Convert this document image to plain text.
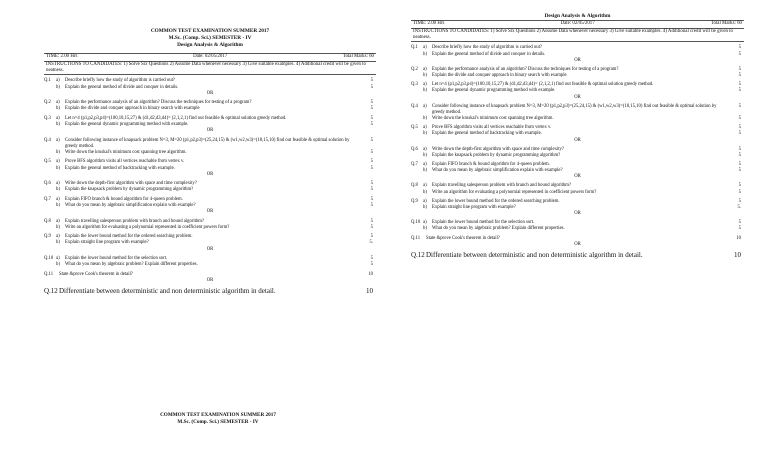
COMMON TEST EXAMINATION SUMMER 2017
M.Sc. (Comp. Sci.) SEMESTER - IV
Design Analysis & Algorithm
TIME: 2.00 Hrs	Date: 02/05/2017	Total Marks: 60
INSTRUCTIONS TO CANDIDATES: 1) Solve Six Questions 2) Assume Data whenever necessary 3) Give suitable examples. 4) Additional credit will be given to neatness.
Q.1	a)	Describe briefly how the study of algorithm is carried out?	5
b)	Explain the general method of divide and conquer in details.	5
OR
Q.2	a)	Explain the performance analysis of an algorithm? Discuss the techniques for testing of a program?	5
b)	Explain the divide and conquer approach in binary search with example	5
Q.3	a)	Let n=4 (p1,p2,p3,p4)=(100,10,15,27) & (d1,d2,d3,d4)= (2,1,2,1) find out feasible & optimal solution greedy method.	5
b)	Explain the general dynamic programming method with example.	5
OR
Q.4	a)	Consider following instance of knapsack problem N=3, M=20 (p1,p2,p3)=(25,24,15) & (w1,w2,w3)=(18,15,10) find out feasible & optimal solution by greedy method.
5
b)	Write down the kruskal's minimum cost spanning tree algorithm.	5
Q.5	a)	Prove BFS algorithm visits all vertices reachable from vertex v.	5
b)	Explain the general method of backtracking with example.	5
OR
Q.6	a)	Write down the depth-first algorithm with space and time complexity?	5
b)	Explain the knapsack problem by dynamic programming algorithm?	5
Q.7	a)	Explain FIFO branch & bound algorithm for 4-queen problem.	5
b)	What do you mean by algebraic simplification explain with example?	5
OR
Q.8	a)	Explain travelling salesperson problem with branch and bound algorithm?	5
b)	Write an algorithm for evaluating a polynomial represented in coefficient powers form?	5
Q.9	a)	Explain the lower bound method for the ordered searching problem.	5
b)	Explain straight line program with example?	5.
OR
Q.10 a)	Explain the lower bound method for the selection sort.	5
b)	What do you mean by algebraic problem? Explain different properties.	5
Q.11	State &prove Cook's theorem in detail?	10
OR
Q.12 Differentiate between deterministic and non deterministic algorithm in detail.	10
COMMON TEST EXAMINATION SUMMER 2017
M.Sc. (Comp. Sci.) SEMESTER - IV
Design Analysis & Algorithm
TIME: 2.00 Hrs	Date: 02/05/2017	Total Marks: 60
INSTRUCTIONS TO CANDIDATES: 1) Solve Six Questions 2) Assume Data whenever necessary 3) Give suitable examples. 4) Additional credit will be given to neatness.
Q.1	a)	Describe briefly how the study of algorithm is carried out?	5
b)	Explain the general method of divide and conquer in details.	5
OR
Q.2	a)	Explain the performance analysis of an algorithm? Discuss the techniques for testing of a program?	5
b)	Explain the divide and conquer approach in binary search with example	5
Q.3	a)	Let n=4 (p1,p2,p3,p4)=(100,10,15,27) & (d1,d2,d3,d4)= (2,1,2,1) find out feasible & optimal solution greedy method.	5
b)	Explain the general dynamic programming method with example.	5
OR
Q.4	a)	Consider following instance of knapsack problem N=3, M=20 (p1,p2,p3)=(25,24,15) & (w1,w2,w3)=(18,15,10) find out feasible & optimal solution by greedy method.
5
b)	Write down the kruskal's minimum cost spanning tree algorithm.	5
Q.5	a)	Prove BFS algorithm visits all vertices reachable from vertex v.	5
b)	Explain the general method of backtracking with example.	5
OR
Q.6	a)	Write down the depth-first algorithm with space and time complexity?	5
b)	Explain the knapsack problem by dynamic programming algorithm?	5
Q.7	a)	Explain FIFO branch & bound algorithm for 4-queen problem.	5
b)	What do you mean by algebraic simplification explain with example?	5
OR
Q.8	a)	Explain travelling salesperson problem with branch and bound algorithm?	5
b)	Write an algorithm for evaluating a polynomial represented in coefficient powers form?	5
Q.9	a)	Explain the lower bound method for the ordered searching problem.	5
b)	Explain straight line program with example?	5.
OR
Q.10 a)	Explain the lower bound method for the selection sort.	5
b)	What do you mean by algebraic problem? Explain different properties.	5
Q.11	State &prove Cook's theorem in detail?	10
OR
Q.12 Differentiate between deterministic and non deterministic algorithm in detail.	10
